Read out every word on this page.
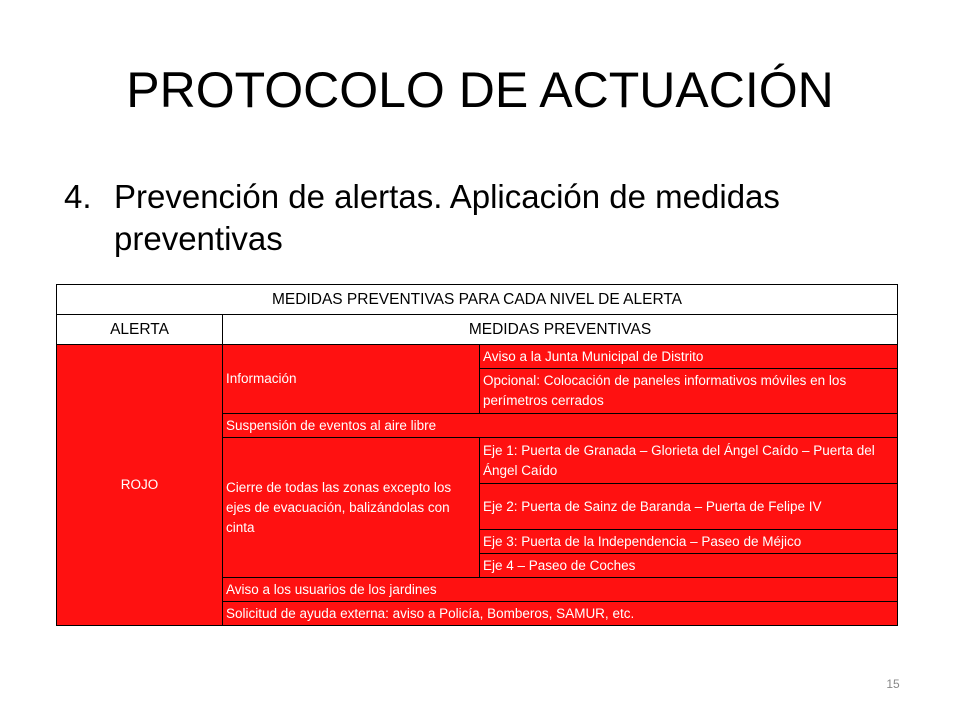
PROTOCOLO DE ACTUACIÓN
4. Prevención de alertas. Aplicación de medidas preventivas
MEDIDAS PREVENTIVAS PARA CADA NIVEL DE ALERTA		
ALERTA	MEDIDAS PREVENTIVAS	
ROJO	Información	Aviso a la Junta Municipal de Distrito
		Opcional: Colocación de paneles informativos móviles en los perímetros cerrados
	Suspensión de eventos al aire libre	
	Cierre de todas las zonas excepto los ejes de evacuación, balizándolas con cinta	Eje 1: Puerta de Granada – Glorieta del Ángel Caído – Puerta del Ángel Caído
		Eje 2: Puerta de Sainz de Baranda – Puerta de Felipe IV
		Eje 3: Puerta de la Independencia – Paseo de Méjico
		Eje 4 – Paseo de Coches
	Aviso a los usuarios de los jardines	
	Solicitud de ayuda externa: aviso a Policía, Bomberos, SAMUR, etc.	
15
